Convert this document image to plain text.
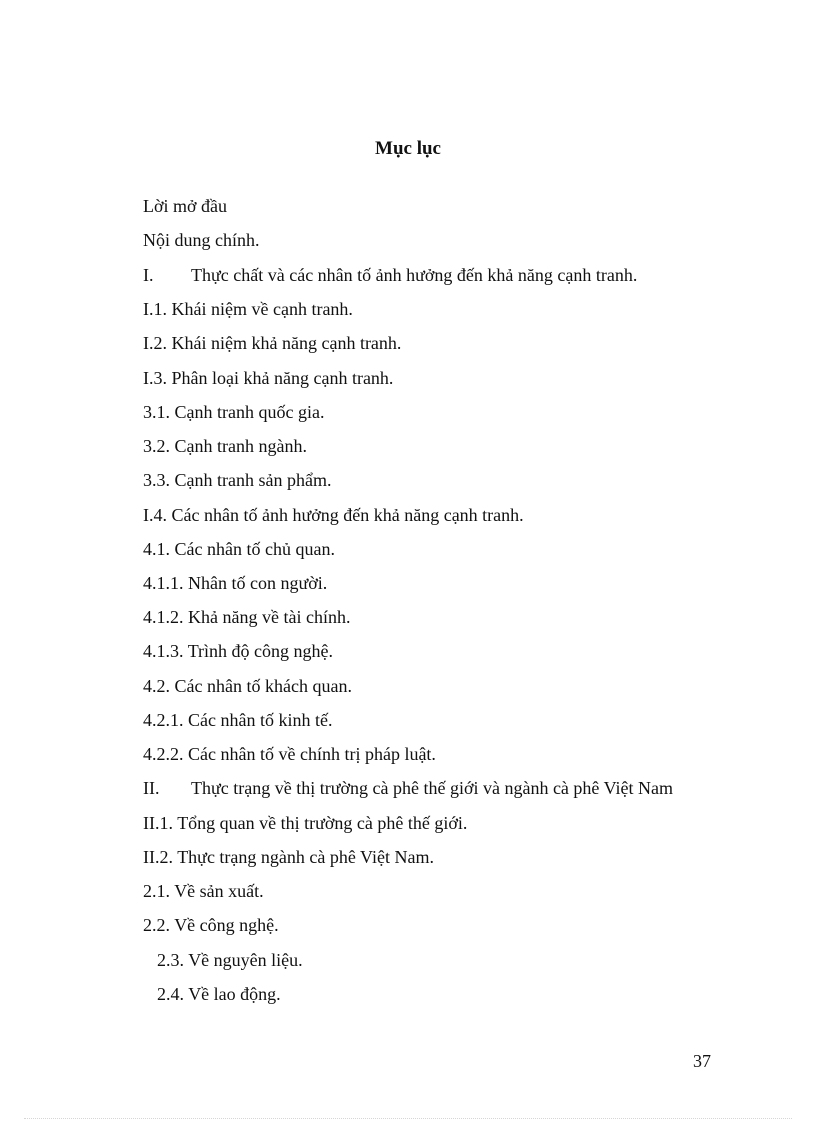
Mục lục
Lời mở đầu
Nội dung chính.
I. Thực chất và các nhân tố ảnh hưởng đến khả năng cạnh tranh.
I.1. Khái niệm về cạnh tranh.
I.2. Khái niệm khả năng cạnh tranh.
I.3. Phân loại khả năng cạnh tranh.
3.1. Cạnh tranh quốc gia.
3.2. Cạnh tranh ngành.
3.3. Cạnh tranh sản phẩm.
I.4. Các nhân tố ảnh hưởng đến khả năng cạnh tranh.
4.1. Các nhân tố chủ quan.
4.1.1. Nhân tố con người.
4.1.2. Khả năng về tài chính.
4.1.3. Trình độ công nghệ.
4.2. Các nhân tố khách quan.
4.2.1. Các nhân tố kinh tế.
4.2.2. Các nhân tố về chính trị pháp luật.
II. Thực trạng về thị trường cà phê thế giới và ngành cà phê Việt Nam
II.1. Tổng quan về thị trường cà phê thế giới.
II.2. Thực trạng ngành cà phê Việt Nam.
2.1. Về sản xuất.
2.2. Về công nghệ.
2.3. Về nguyên liệu.
2.4. Về lao động.
37
